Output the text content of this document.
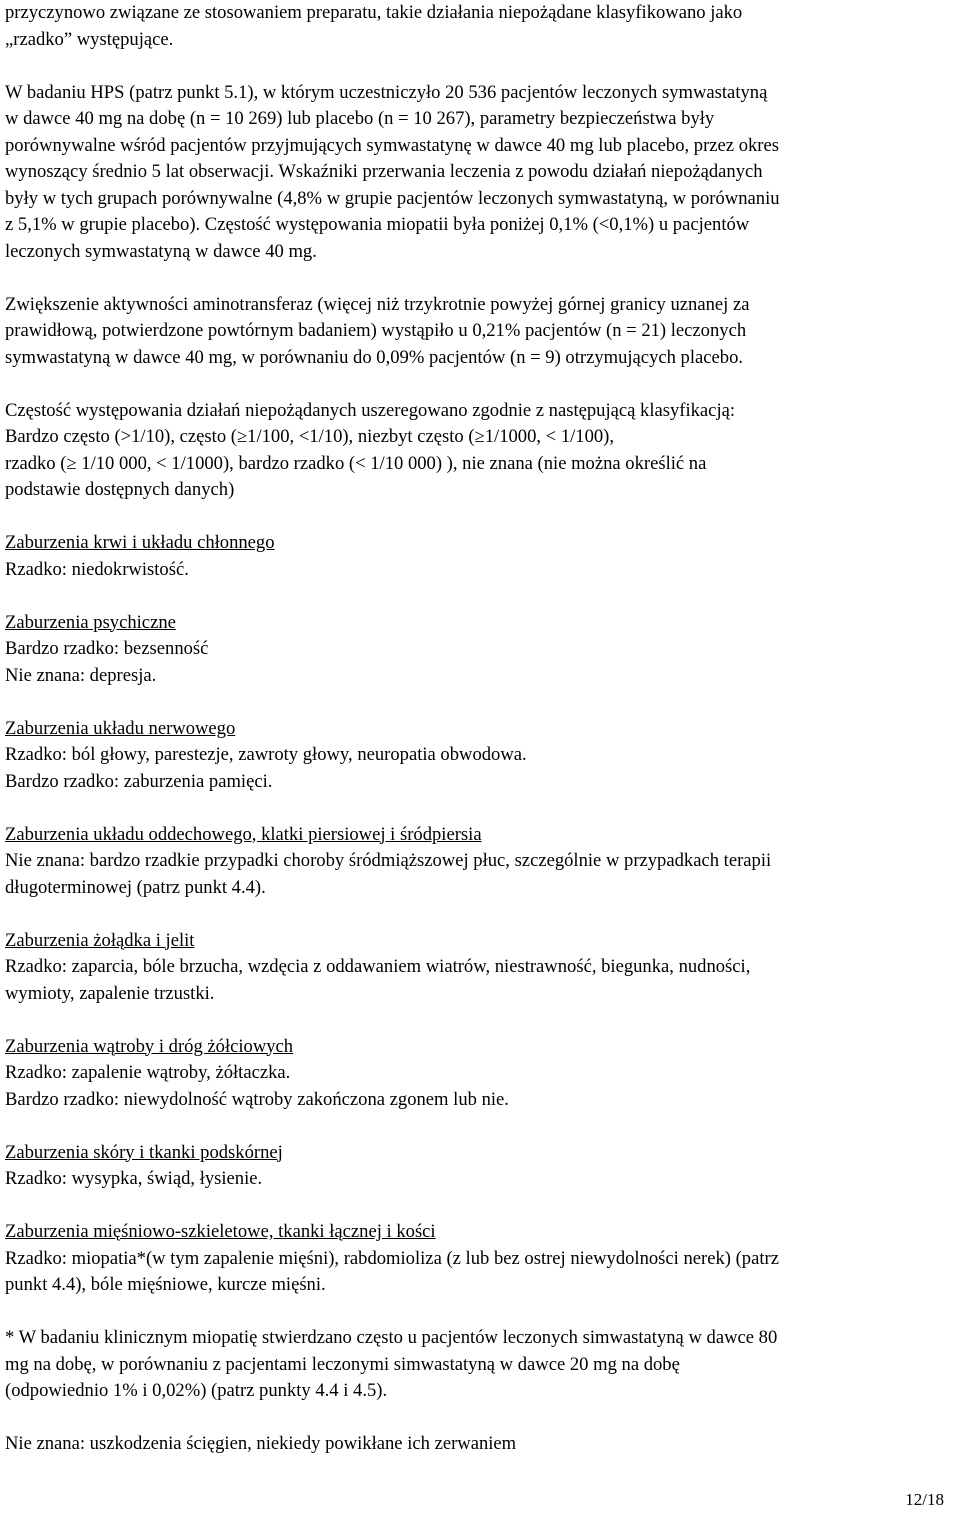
przyczynowo związane ze stosowaniem preparatu, takie działania niepożądane klasyfikowano jako
„rzadko” występujące.
W badaniu HPS (patrz punkt 5.1), w którym uczestniczyło 20 536 pacjentów leczonych symwastatyną
w dawce 40 mg na dobę (n = 10 269) lub placebo (n = 10 267), parametry bezpieczeństwa były
porównywalne wśród pacjentów przyjmujących symwastatynę w dawce 40 mg lub placebo, przez okres
wynoszący średnio 5 lat obserwacji. Wskaźniki przerwania leczenia z powodu działań niepożądanych
były w tych grupach porównywalne (4,8% w grupie pacjentów leczonych symwastatyną, w porównaniu
z 5,1% w grupie placebo). Częstość występowania miopatii była poniżej 0,1% (<0,1%) u pacjentów
leczonych symwastatyną w dawce 40 mg.
Zwiększenie aktywności aminotransferaz (więcej niż trzykrotnie powyżej górnej granicy uznanej za
prawidłową, potwierdzone powtórnym badaniem) wystąpiło u 0,21% pacjentów (n = 21) leczonych
symwastatyną w dawce 40 mg, w porównaniu do 0,09% pacjentów (n = 9) otrzymujących placebo.
Częstość występowania działań niepożądanych uszeregowano zgodnie z następującą klasyfikacją:
Bardzo często (>1/10), często (≥1/100, <1/10), niezbyt często (≥1/1000, < 1/100),
rzadko (≥ 1/10 000, < 1/1000), bardzo rzadko (< 1/10 000) ), nie znana (nie można określić na
podstawie dostępnych danych)
Zaburzenia krwi i układu chłonnego
Rzadko: niedokrwistość.
Zaburzenia psychiczne
Bardzo rzadko: bezsenność
Nie znana: depresja.
Zaburzenia układu nerwowego
Rzadko: ból głowy, parestezje, zawroty głowy, neuropatia obwodowa.
Bardzo rzadko: zaburzenia pamięci.
Zaburzenia układu oddechowego, klatki piersiowej i śródpiersia
Nie znana: bardzo rzadkie przypadki choroby śródmiąższowej płuc, szczególnie w przypadkach terapii
długoterminowej (patrz punkt 4.4).
Zaburzenia żołądka i jelit
Rzadko: zaparcia, bóle brzucha, wzdęcia z oddawaniem wiatrów, niestrawność, biegunka, nudności,
wymioty, zapalenie trzustki.
Zaburzenia wątroby i dróg żółciowych
Rzadko: zapalenie wątroby, żółtaczka.
Bardzo rzadko: niewydolność wątroby zakończona zgonem lub nie.
Zaburzenia skóry i tkanki podskórnej
Rzadko: wysypka, świąd, łysienie.
Zaburzenia mięśniowo-szkieletowe, tkanki łącznej i kości
Rzadko: miopatia*(w tym zapalenie mięśni), rabdomioliza (z lub bez ostrej niewydolności nerek) (patrz
punkt 4.4), bóle mięśniowe, kurcze mięśni.
* W badaniu klinicznym miopatię stwierdzano często u pacjentów leczonych simwastatyną w dawce 80
mg na dobę, w porównaniu z pacjentami leczonymi simwastatyną w dawce 20 mg na dobę
(odpowiednio 1% i 0,02%) (patrz punkty 4.4 i 4.5).
Nie znana: uszkodzenia ścięgien, niekiedy powikłane ich zerwaniem
12/18
